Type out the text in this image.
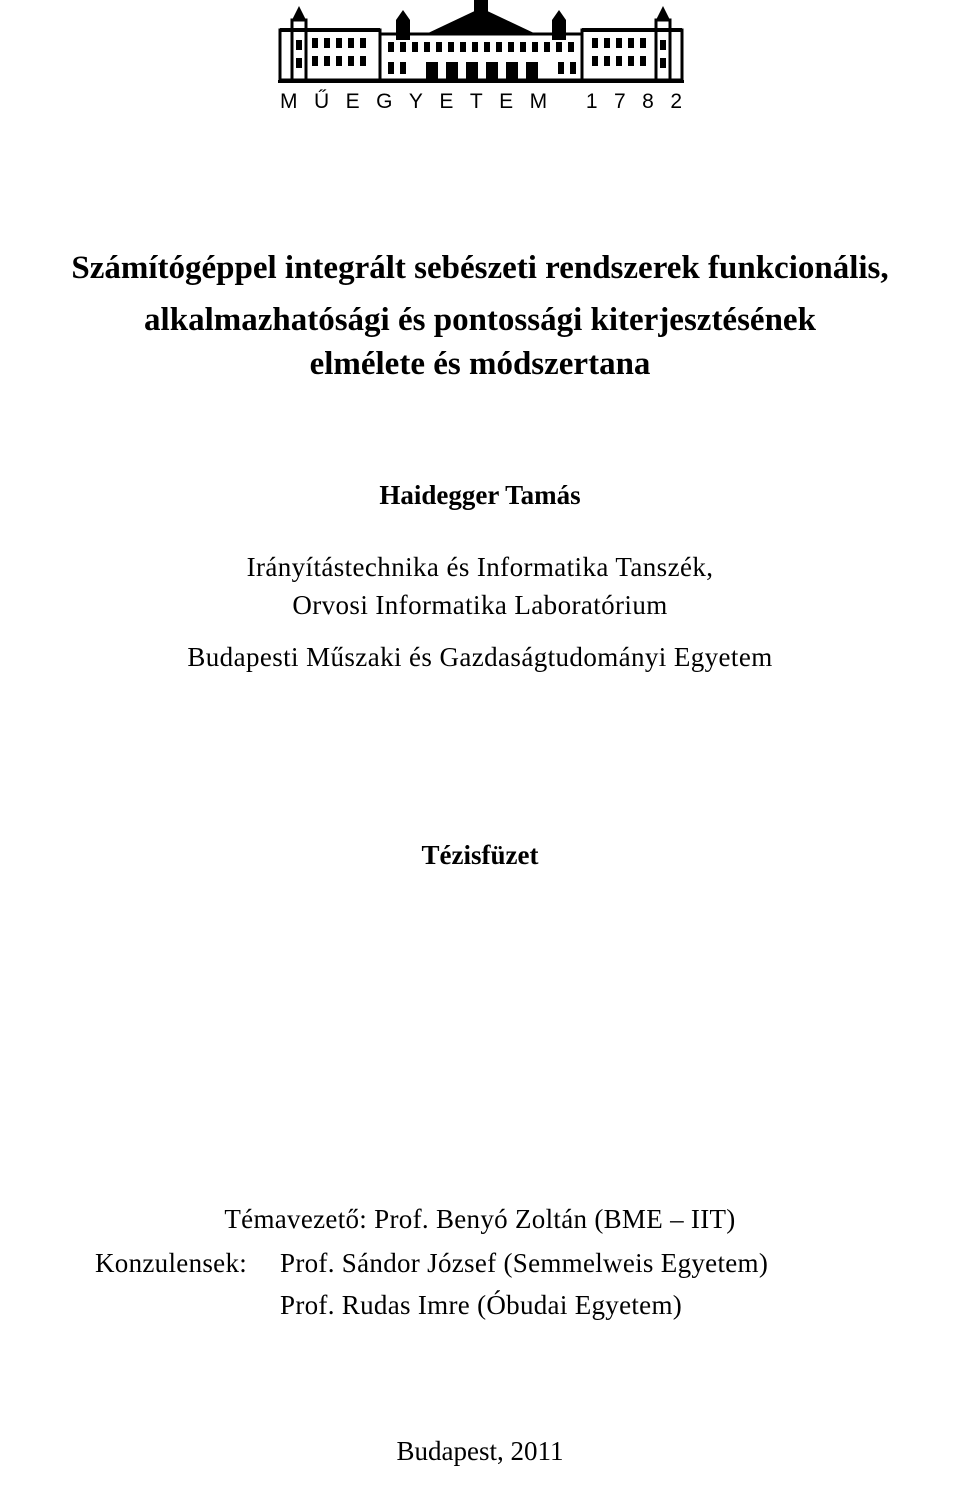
MŰEGYETEM 1782
Számítógéppel integrált sebészeti rendszerek funkcionális,
alkalmazhatósági és pontossági kiterjesztésének
elmélete és módszertana
Haidegger Tamás
Irányítástechnika és Informatika Tanszék,
Orvosi Informatika Laboratórium
Budapesti Műszaki és Gazdaságtudományi Egyetem
Tézisfüzet
Témavezető: Prof. Benyó Zoltán (BME – IIT)
Konzulensek: Prof. Sándor József (Semmelweis Egyetem)
Prof. Rudas Imre (Óbudai Egyetem)
Budapest, 2011
